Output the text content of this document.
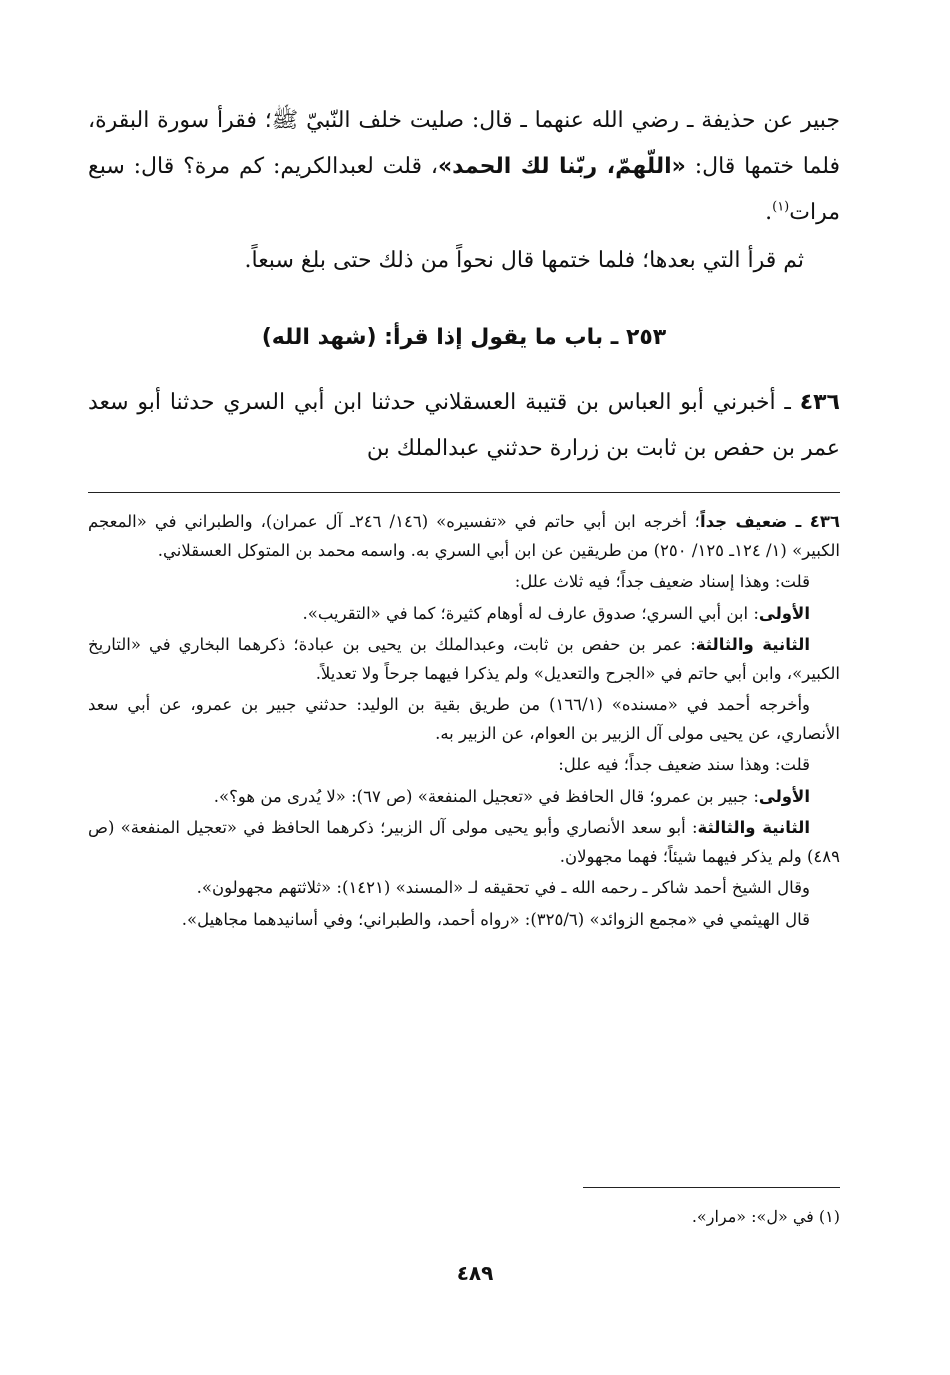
جبير عن حذيفة ـ رضي الله عنهما ـ قال: صليت خلف النّبيّ ﷺ؛ فقرأ سورة البقرة، فلما ختمها قال: «اللّهمّ، ربّنا لك الحمد»، قلت لعبدالكريم: كم مرة؟ قال: سبع مرات$^{(١)}$.

ثم قرأ التي بعدها؛ فلما ختمها قال نحواً من ذلك حتى بلغ سبعاً.

٢٥٣ ـ باب ما يقول إذا قرأ: (شهد الله)

٤٣٦ ـ أخبرني أبو العباس بن قتيبة العسقلاني حدثنا ابن أبي السري حدثنا أبو سعد عمر بن حفص بن ثابت بن زرارة حدثني عبدالملك بن

٤٣٦ ـ ضعيف جداً؛ أخرجه ابن أبي حاتم في «تفسيره» (١٤٦/ ٢٤٦ـ آل عمران)، والطبراني في «المعجم الكبير» (١/ ١٢٤ـ ١٢٥/ ٢٥٠) من طريقين عن ابن أبي السري به. واسمه محمد بن المتوكل العسقلاني.

قلت: وهذا إسناد ضعيف جداً؛ فيه ثلاث علل:

الأولى: ابن أبي السري؛ صدوق عارف له أوهام كثيرة؛ كما في «التقريب».

الثانية والثالثة: عمر بن حفص بن ثابت، وعبدالملك بن يحيى بن عبادة؛ ذكرهما البخاري في «التاريخ الكبير»، وابن أبي حاتم في «الجرح والتعديل» ولم يذكرا فيهما جرحاً ولا تعديلاً.

وأخرجه أحمد في «مسنده» (١٦٦/١) من طريق بقية بن الوليد: حدثني جبير بن عمرو، عن أبي سعد الأنصاري، عن يحيى مولى آل الزبير بن العوام، عن الزبير به.

قلت: وهذا سند ضعيف جداً؛ فيه علل:

الأولى: جبير بن عمرو؛ قال الحافظ في «تعجيل المنفعة» (ص ٦٧): «لا يُدرى من هو؟».

الثانية والثالثة: أبو سعد الأنصاري وأبو يحيى مولى آل الزبير؛ ذكرهما الحافظ في «تعجيل المنفعة» (ص ٤٨٩) ولم يذكر فيهما شيئاً؛ فهما مجهولان.

وقال الشيخ أحمد شاكر ـ رحمه الله ـ في تحقيقه لـ «المسند» (١٤٢١): «ثلاثتهم مجهولون».

قال الهيثمي في «مجمع الزوائد» (٣٢٥/٦): «رواه أحمد، والطبراني؛ وفي أسانيدهما مجاهيل».

(١) في «ل»: «مرار».
٤٨٩
